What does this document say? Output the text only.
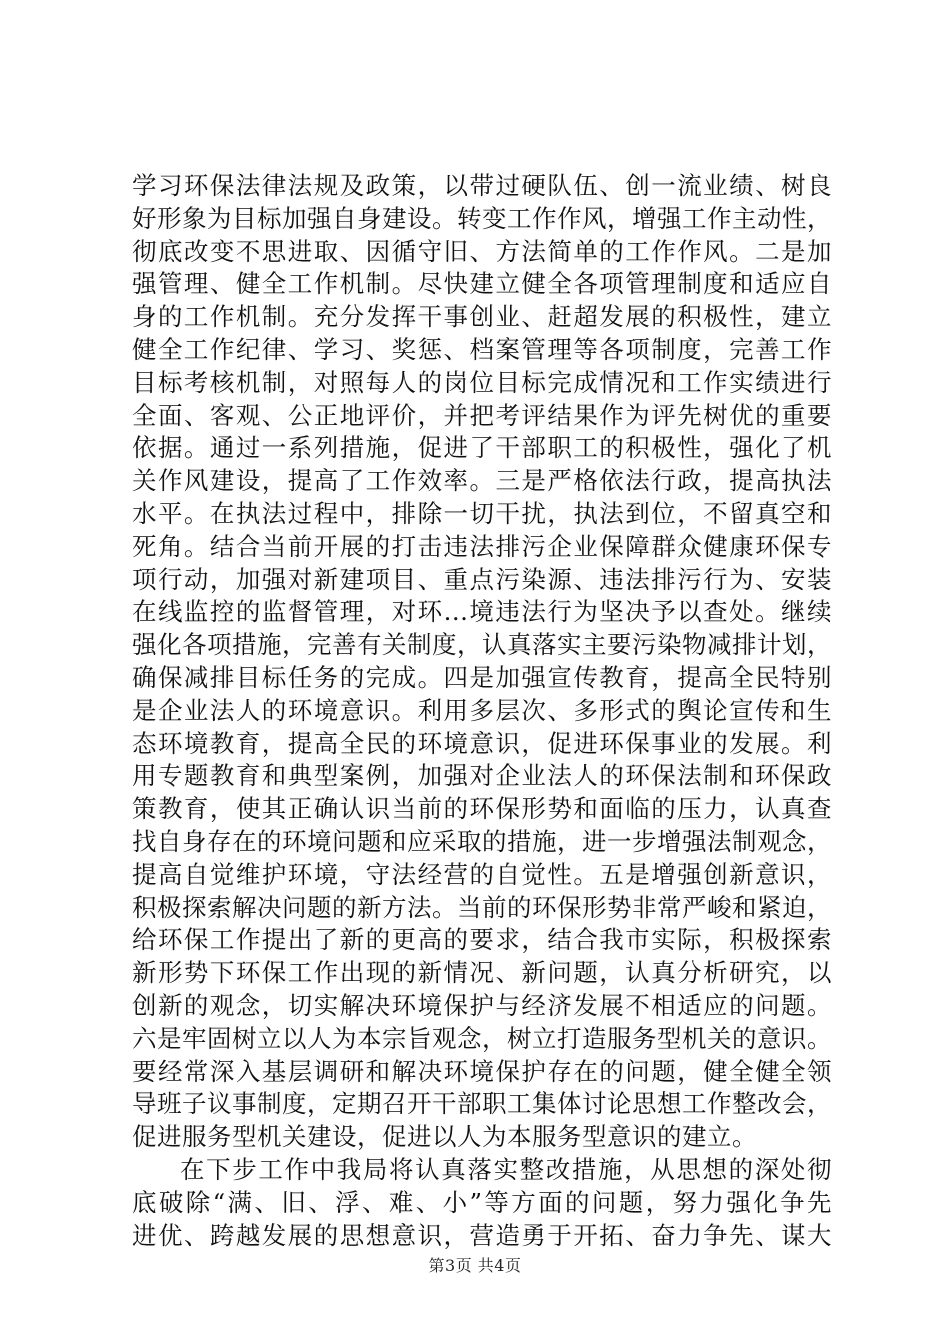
学习环保法律法规及政策，以带过硬队伍、创一流业绩、树良
好形象为目标加强自身建设。转变工作作风，增强工作主动性，
彻底改变不思进取、因循守旧、方法简单的工作作风。二是加
强管理、健全工作机制。尽快建立健全各项管理制度和适应自
身的工作机制。充分发挥干事创业、赶超发展的积极性，建立
健全工作纪律、学习、奖惩、档案管理等各项制度，完善工作
目标考核机制，对照每人的岗位目标完成情况和工作实绩进行
全面、客观、公正地评价，并把考评结果作为评先树优的重要
依据。通过一系列措施，促进了干部职工的积极性，强化了机
关作风建设，提高了工作效率。三是严格依法行政，提高执法
水平。在执法过程中，排除一切干扰，执法到位，不留真空和
死角。结合当前开展的打击违法排污企业保障群众健康环保专
项行动，加强对新建项目、重点污染源、违法排污行为、安装
在线监控的监督管理，对环...境违法行为坚决予以查处。继续
强化各项措施，完善有关制度，认真落实主要污染物减排计划，
确保减排目标任务的完成。四是加强宣传教育，提高全民特别
是企业法人的环境意识。利用多层次、多形式的舆论宣传和生
态环境教育，提高全民的环境意识，促进环保事业的发展。利
用专题教育和典型案例，加强对企业法人的环保法制和环保政
策教育，使其正确认识当前的环保形势和面临的压力，认真查
找自身存在的环境问题和应采取的措施，进一步增强法制观念，
提高自觉维护环境，守法经营的自觉性。五是增强创新意识，
积极探索解决问题的新方法。当前的环保形势非常严峻和紧迫，
给环保工作提出了新的更高的要求，结合我市实际，积极探索
新形势下环保工作出现的新情况、新问题，认真分析研究，以
创新的观念，切实解决环境保护与经济发展不相适应的问题。
六是牢固树立以人为本宗旨观念，树立打造服务型机关的意识。
要经常深入基层调研和解决环境保护存在的问题，健全健全领
导班子议事制度，定期召开干部职工集体讨论思想工作整改会，
促进服务型机关建设，促进以人为本服务型意识的建立。
在下步工作中我局将认真落实整改措施，从思想的深处彻
底破除“满、旧、浮、难、小”等方面的问题，努力强化争先
进优、跨越发展的思想意识，营造勇于开拓、奋力争先、谋大
第3页 共4页
